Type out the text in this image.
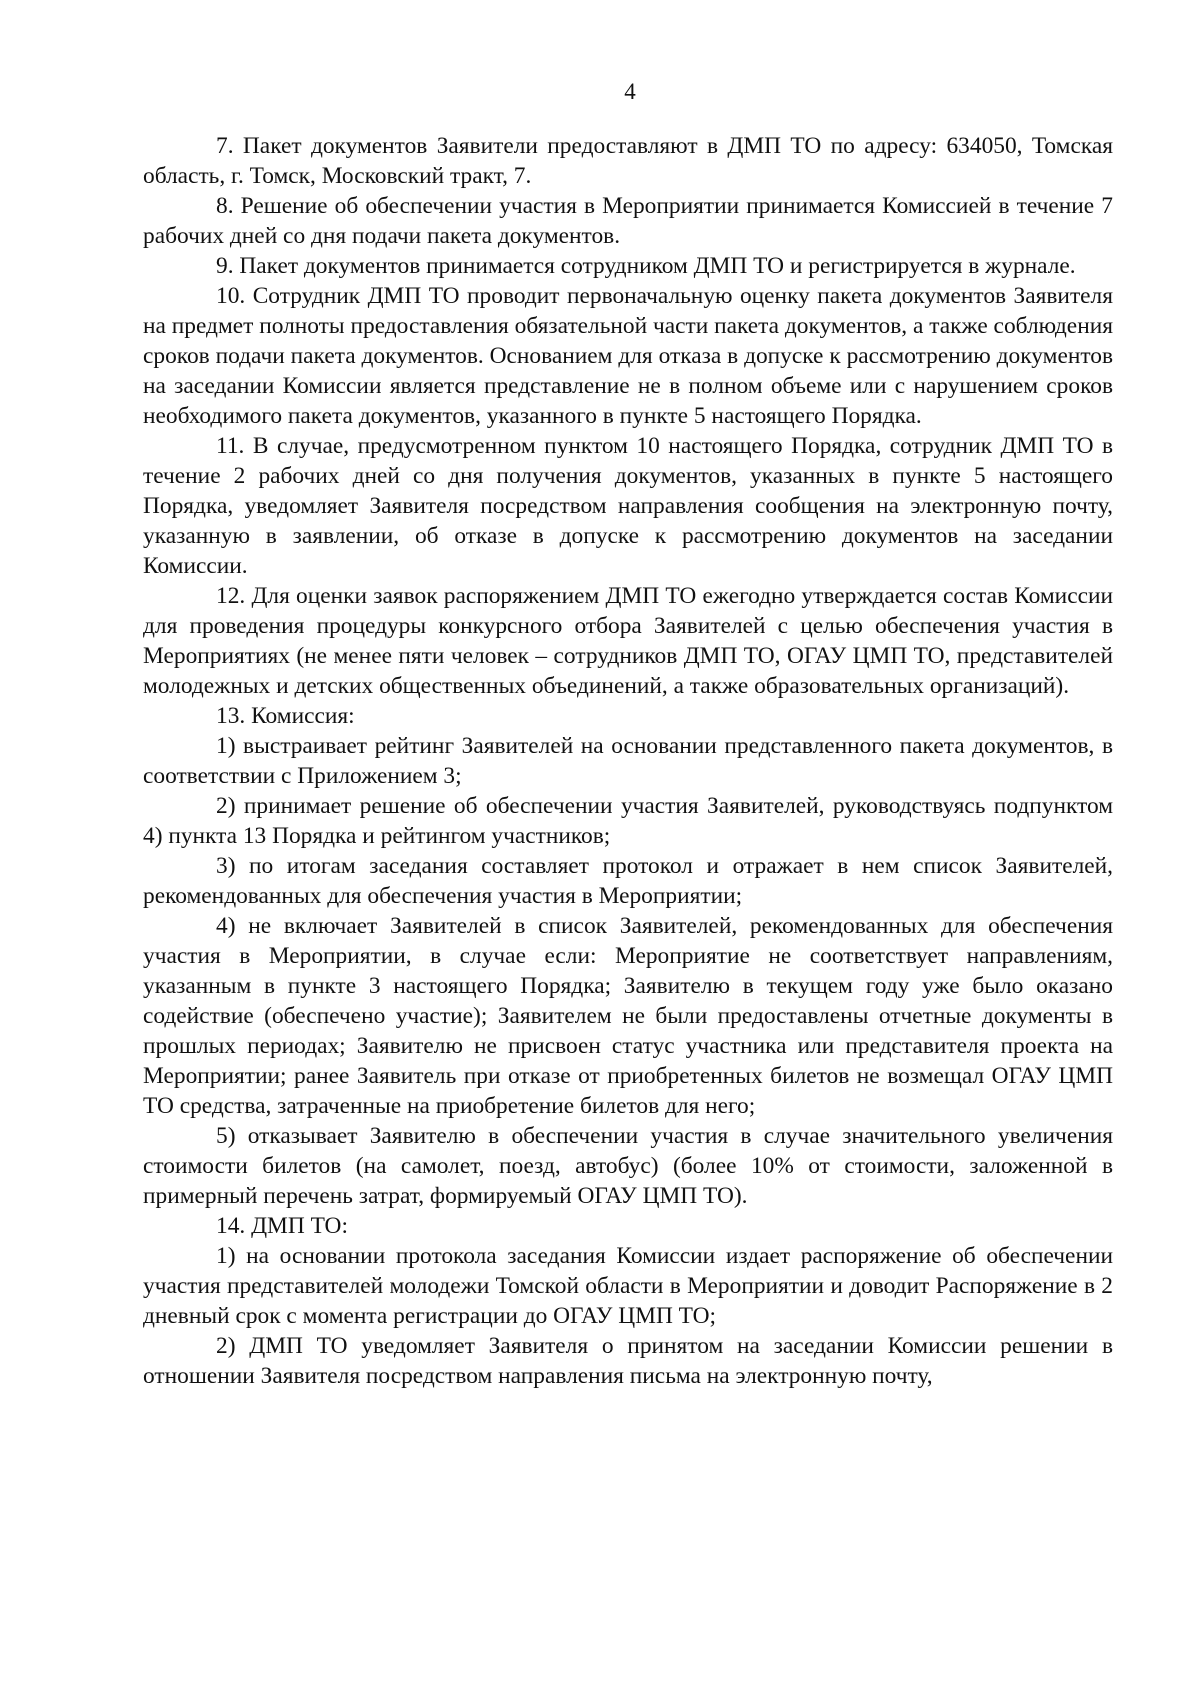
4

7. Пакет документов Заявители предоставляют в ДМП ТО по адресу: 634050, Томская область, г. Томск, Московский тракт, 7.

8. Решение об обеспечении участия в Мероприятии принимается Комиссией в течение 7 рабочих дней со дня подачи пакета документов.

9. Пакет документов принимается сотрудником ДМП ТО и регистрируется в журнале.

10. Сотрудник ДМП ТО проводит первоначальную оценку пакета документов Заявителя на предмет полноты предоставления обязательной части пакета документов, а также соблюдения сроков подачи пакета документов. Основанием для отказа в допуске к рассмотрению документов на заседании Комиссии является представление не в полном объеме или с нарушением сроков необходимого пакета документов, указанного в пункте 5 настоящего Порядка.

11. В случае, предусмотренном пунктом 10 настоящего Порядка, сотрудник ДМП ТО в течение 2 рабочих дней со дня получения документов, указанных в пункте 5 настоящего Порядка, уведомляет Заявителя посредством направления сообщения на электронную почту, указанную в заявлении, об отказе в допуске к рассмотрению документов на заседании Комиссии.

12. Для оценки заявок распоряжением ДМП ТО ежегодно утверждается состав Комиссии для проведения процедуры конкурсного отбора Заявителей с целью обеспечения участия в Мероприятиях (не менее пяти человек – сотрудников ДМП ТО, ОГАУ ЦМП ТО, представителей молодежных и детских общественных объединений, а также образовательных организаций).

13. Комиссия:

1) выстраивает рейтинг Заявителей на основании представленного пакета документов, в соответствии с Приложением 3;

2) принимает решение об обеспечении участия Заявителей, руководствуясь подпунктом 4) пункта 13 Порядка и рейтингом участников;

3) по итогам заседания составляет протокол и отражает в нем список Заявителей, рекомендованных для обеспечения участия в Мероприятии;

4) не включает Заявителей в список Заявителей, рекомендованных для обеспечения участия в Мероприятии, в случае если: Мероприятие не соответствует направлениям, указанным в пункте 3 настоящего Порядка; Заявителю в текущем году уже было оказано содействие (обеспечено участие); Заявителем не были предоставлены отчетные документы в прошлых периодах; Заявителю не присвоен статус участника или представителя проекта на Мероприятии; ранее Заявитель при отказе от приобретенных билетов не возмещал ОГАУ ЦМП ТО средства, затраченные на приобретение билетов для него;

5) отказывает Заявителю в обеспечении участия в случае значительного увеличения стоимости билетов (на самолет, поезд, автобус) (более 10% от стоимости, заложенной в примерный перечень затрат, формируемый ОГАУ ЦМП ТО).

14. ДМП ТО:

1) на основании протокола заседания Комиссии издает распоряжение об обеспечении участия представителей молодежи Томской области в Мероприятии и доводит Распоряжение в 2 дневный срок с момента регистрации до ОГАУ ЦМП ТО;

2) ДМП ТО уведомляет Заявителя о принятом на заседании Комиссии решении в отношении Заявителя посредством направления письма на электронную почту,
